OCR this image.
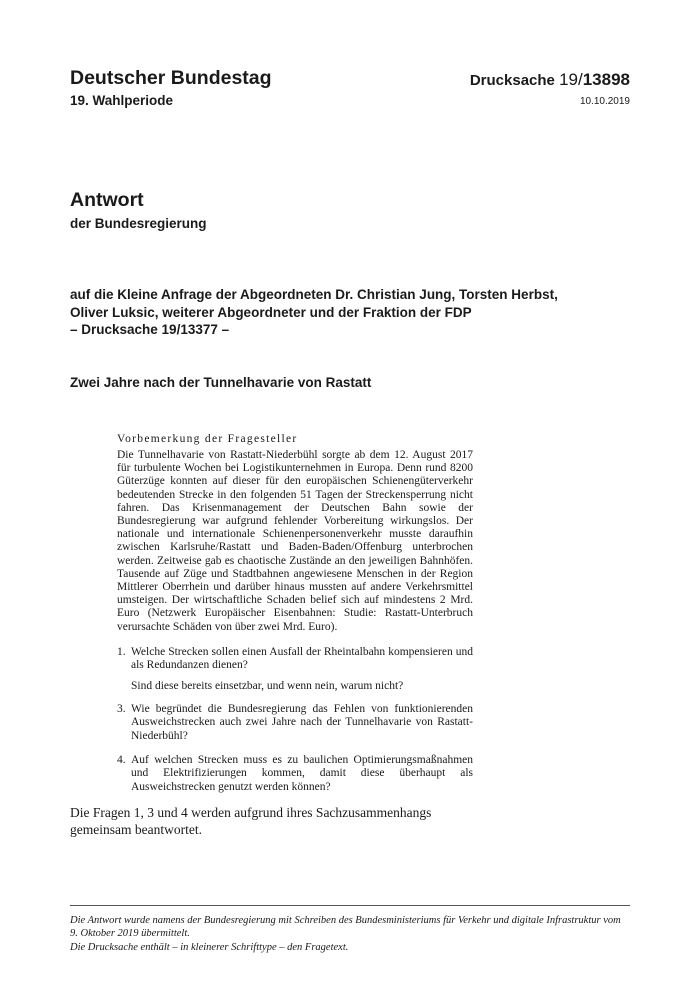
Deutscher Bundestag
19. Wahlperiode
Drucksache 19/13898
10.10.2019
Antwort
der Bundesregierung
auf die Kleine Anfrage der Abgeordneten Dr. Christian Jung, Torsten Herbst,
Oliver Luksic, weiterer Abgeordneter und der Fraktion der FDP
– Drucksache 19/13377 –
Zwei Jahre nach der Tunnelhavarie von Rastatt
Vorbemerkung der Fragesteller
Die Tunnelhavarie von Rastatt-Niederbühl sorgte ab dem 12. August 2017 für turbulente Wochen bei Logistikunternehmen in Europa. Denn rund 8200 Güterzüge konnten auf dieser für den europäischen Schienengüterverkehr bedeutenden Strecke in den folgenden 51 Tagen der Streckensperrung nicht fahren. Das Krisenmanagement der Deutschen Bahn sowie der Bundesregierung war aufgrund fehlender Vorbereitung wirkungslos. Der nationale und internationale Schienenpersonenverkehr musste daraufhin zwischen Karlsruhe/Rastatt und Baden-Baden/Offenburg unterbrochen werden. Zeitweise gab es chaotische Zustände an den jeweiligen Bahnhöfen. Tausende auf Züge und Stadtbahnen angewiesene Menschen in der Region Mittlerer Oberrhein und darüber hinaus mussten auf andere Verkehrsmittel umsteigen. Der wirtschaftliche Schaden belief sich auf mindestens 2 Mrd. Euro (Netzwerk Europäischer Eisenbahnen: Studie: Rastatt-Unterbruch verursachte Schäden von über zwei Mrd. Euro).
1. Welche Strecken sollen einen Ausfall der Rheintalbahn kompensieren und als Redundanzen dienen?
Sind diese bereits einsetzbar, und wenn nein, warum nicht?
3. Wie begründet die Bundesregierung das Fehlen von funktionierenden Ausweichstrecken auch zwei Jahre nach der Tunnelhavarie von Rastatt-Niederbühl?
4. Auf welchen Strecken muss es zu baulichen Optimierungsmaßnahmen und Elektrifizierungen kommen, damit diese überhaupt als Ausweichstrecken genutzt werden können?
Die Fragen 1, 3 und 4 werden aufgrund ihres Sachzusammenhangs gemeinsam beantwortet.
Die Antwort wurde namens der Bundesregierung mit Schreiben des Bundesministeriums für Verkehr und digitale Infrastruktur vom 9. Oktober 2019 übermittelt.
Die Drucksache enthält – in kleinerer Schrifttype – den Fragetext.
